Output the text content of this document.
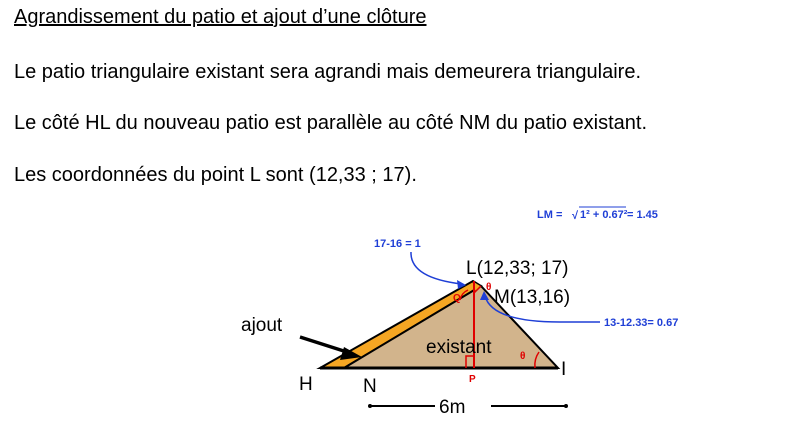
Agrandissement du patio et ajout d’une clôture
Le patio triangulaire existant sera agrandi mais demeurera triangulaire.
Le côté HL du nouveau patio est parallèle au côté NM du patio existant.
Les coordonnées du point L sont (12,33 ; 17).
17-16 = 1
13-12.33= 0.67
LM = √ 1² + 0.67² = 1.45
L(12,33; 17)
M(13,16)
H	N
I
P
Q
θ
θ
existant
ajout
6m
